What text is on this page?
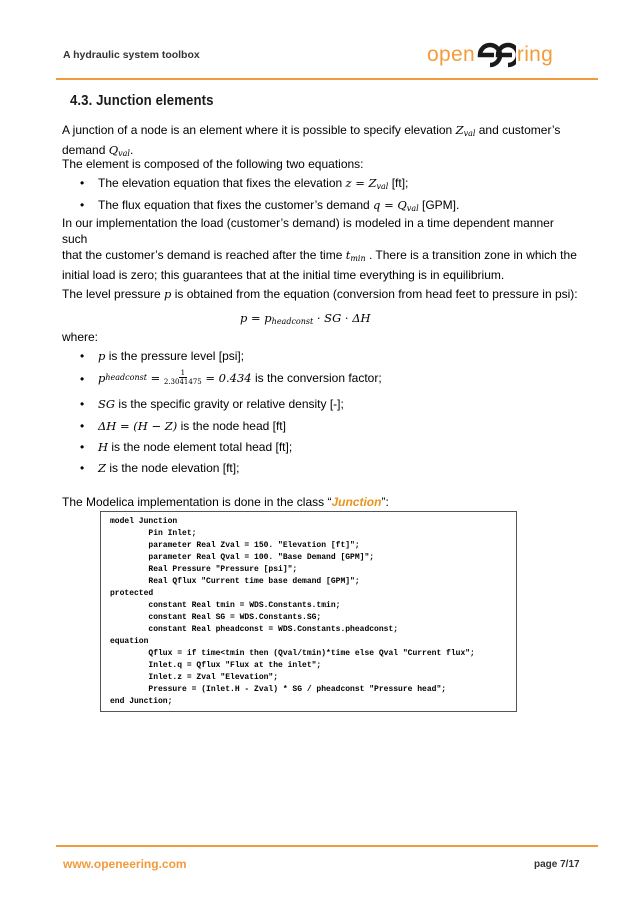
A hydraulic system toolbox	open ring
4.3. Junction elements
A junction of a node is an element where it is possible to specify elevation $Z_{val}$ and customer’s
demand $Q_{val}$.
The element is composed of the following two equations:
•	The elevation equation that fixes the elevation $z = Z_{val}$ [ft];
•	The flux equation that fixes the customer’s demand $q = Q_{val}$ [GPM].
In our implementation the load (customer’s demand) is modeled in a time dependent manner such
that the customer’s demand is reached after the time $t_{min}$ . There is a transition zone in which the
initial load is zero; this guarantees that at the initial time everything is in equilibrium.
The level pressure p is obtained from the equation (conversion from head feet to pressure in psi):
$p = p_{headconst}$ · SG · ΔH
where:
•	p is the pressure level [psi];
•	p headconst = $\frac{1}{2.3041475} = 0.434$ is the conversion factor;
•	SG is the specific gravity or relative density [-];
•	ΔH = (H − Z) is the node head [ft]
•	H is the node element total head [ft];
•	Z is the node elevation [ft];
The Modelica implementation is done in the class “Junction”:
model Junction
Pin Inlet;
parameter Real Zval = 150. "Elevation [ft]";
parameter Real Qval = 100. "Base Demand [GPM]";
Real Pressure "Pressure [psi]";
Real Qflux "Current time base demand [GPM]";
protected
constant Real tmin = WDS.Constants.tmin;
constant Real SG = WDS.Constants.SG;
constant Real pheadconst = WDS.Constants.pheadconst;
equation
Qflux = if time<tmin then (Qval/tmin)*time else Qval "Current flux";
Inlet.q = Qflux "Flux at the inlet";
Inlet.z = Zval "Elevation";
Pressure = (Inlet.H - Zval) * SG / pheadconst "Pressure head";
end Junction;
www.openeering.com	page 7/17
